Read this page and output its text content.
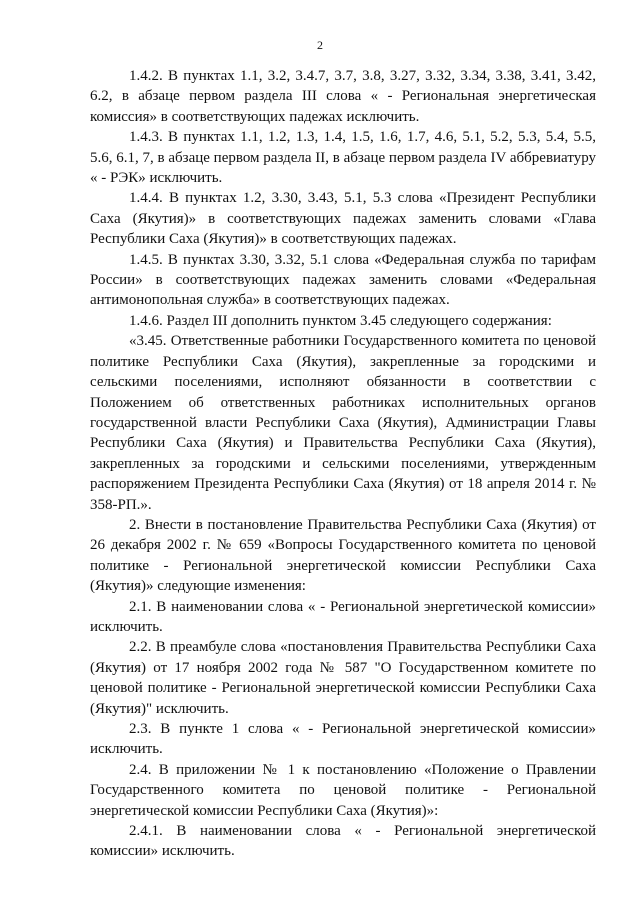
2

1.4.2. В пунктах 1.1, 3.2, 3.4.7, 3.7, 3.8, 3.27, 3.32, 3.34, 3.38, 3.41, 3.42, 6.2, в абзаце первом раздела III слова « - Региональная энергетическая комиссия» в соответствующих падежах исключить.

1.4.3. В пунктах 1.1, 1.2, 1.3, 1.4, 1.5, 1.6, 1.7, 4.6, 5.1, 5.2, 5.3, 5.4, 5.5, 5.6, 6.1, 7, в абзаце первом раздела II, в абзаце первом раздела IV аббревиатуру « - РЭК» исключить.

1.4.4. В пунктах 1.2, 3.30, 3.43, 5.1, 5.3 слова «Президент Республики Саха (Якутия)» в соответствующих падежах заменить словами «Глава Республики Саха (Якутия)» в соответствующих падежах.

1.4.5. В пунктах 3.30, 3.32, 5.1 слова «Федеральная служба по тарифам России» в соответствующих падежах заменить словами «Федеральная антимонопольная служба» в соответствующих падежах.

1.4.6. Раздел III дополнить пунктом 3.45 следующего содержания:

«3.45. Ответственные работники Государственного комитета по ценовой политике Республики Саха (Якутия), закрепленные за городскими и сельскими поселениями, исполняют обязанности в соответствии с Положением об ответственных работниках исполнительных органов государственной власти Республики Саха (Якутия), Администрации Главы Республики Саха (Якутия) и Правительства Республики Саха (Якутия), закрепленных за городскими и сельскими поселениями, утвержденным распоряжением Президента Республики Саха (Якутия) от 18 апреля 2014 г. № 358-РП.».

2. Внести в постановление Правительства Республики Саха (Якутия) от 26 декабря 2002 г. № 659 «Вопросы Государственного комитета по ценовой политике - Региональной энергетической комиссии Республики Саха (Якутия)» следующие изменения:

2.1. В наименовании слова « - Региональной энергетической комиссии» исключить.

2.2. В преамбуле слова «постановления Правительства Республики Саха (Якутия) от 17 ноября 2002 года № 587 "О Государственном комитете по ценовой политике - Региональной энергетической комиссии Республики Саха (Якутия)" исключить.

2.3. В пункте 1 слова « - Региональной энергетической комиссии» исключить.

2.4. В приложении № 1 к постановлению «Положение о Правлении Государственного комитета по ценовой политике - Региональной энергетической комиссии Республики Саха (Якутия)»:

2.4.1. В наименовании слова « - Региональной энергетической комиссии» исключить.
